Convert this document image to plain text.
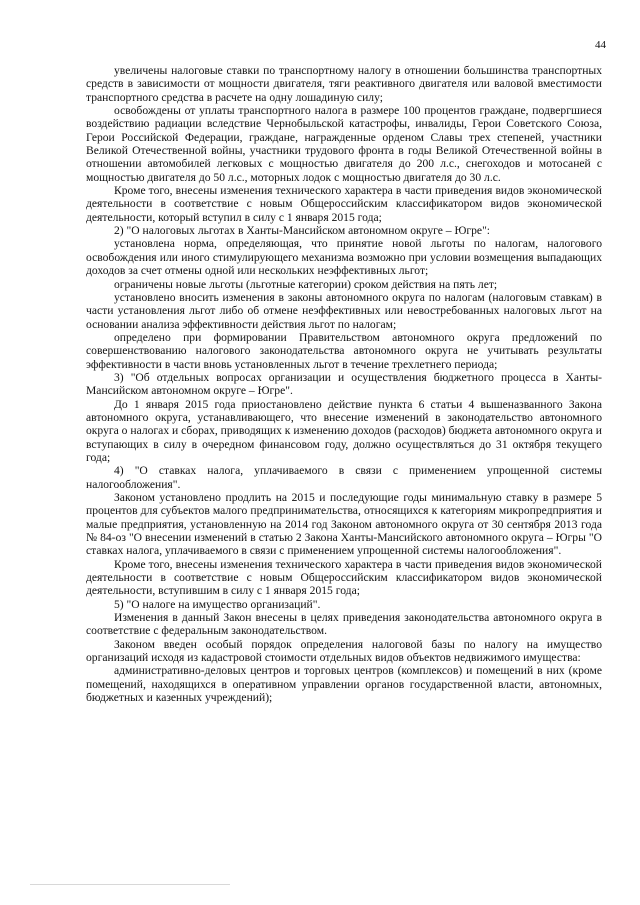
44

увеличены налоговые ставки по транспортному налогу в отношении большинства транспортных средств в зависимости от мощности двигателя, тяги реактивного двигателя или валовой вместимости транспортного средства в расчете на одну лошадиную силу;

освобождены от уплаты транспортного налога в размере 100 процентов граждане, подвергшиеся воздействию радиации вследствие Чернобыльской катастрофы, инвалиды, Герои Советского Союза, Герои Российской Федерации, граждане, награжденные орденом Славы трех степеней, участники Великой Отечественной войны, участники трудового фронта в годы Великой Отечественной войны в отношении автомобилей легковых с мощностью двигателя до 200 л.с., снегоходов и мотосаней с мощностью двигателя до 50 л.с., моторных лодок с мощностью двигателя до 30 л.с.

Кроме того, внесены изменения технического характера в части приведения видов экономической деятельности в соответствие с новым Общероссийским классификатором видов экономической деятельности, который вступил в силу с 1 января 2015 года;

2) "О налоговых льготах в Ханты-Мансийском автономном округе – Югре":

установлена норма, определяющая, что принятие новой льготы по налогам, налогового освобождения или иного стимулирующего механизма возможно при условии возмещения выпадающих доходов за счет отмены одной или нескольких неэффективных льгот;

ограничены новые льготы (льготные категории) сроком действия на пять лет;

установлено вносить изменения в законы автономного округа по налогам (налоговым ставкам) в части установления льгот либо об отмене неэффективных или невостребованных налоговых льгот на основании анализа эффективности действия льгот по налогам;

определено при формировании Правительством автономного округа предложений по совершенствованию налогового законодательства автономного округа не учитывать результаты эффективности в части вновь установленных льгот в течение трехлетнего периода;

3) "Об отдельных вопросах организации и осуществления бюджетного процесса в Ханты-Мансийском автономном округе – Югре".

До 1 января 2015 года приостановлено действие пункта 6 статьи 4 вышеназванного Закона автономного округа, устанавливающего, что внесение изменений в законодательство автономного округа о налогах и сборах, приводящих к изменению доходов (расходов) бюджета автономного округа и вступающих в силу в очередном финансовом году, должно осуществляться до 31 октября текущего года;

4) "О ставках налога, уплачиваемого в связи с применением упрощенной системы налогообложения".

Законом установлено продлить на 2015 и последующие годы минимальную ставку в размере 5 процентов для субъектов малого предпринимательства, относящихся к категориям микропредприятия и малые предприятия, установленную на 2014 год Законом автономного округа от 30 сентября 2013 года № 84-оз "О внесении изменений в статью 2 Закона Ханты-Мансийского автономного округа – Югры "О ставках налога, уплачиваемого в связи с применением упрощенной системы налогообложения".

Кроме того, внесены изменения технического характера в части приведения видов экономической деятельности в соответствие с новым Общероссийским классификатором видов экономической деятельности, вступившим в силу с 1 января 2015 года;

5) "О налоге на имущество организаций".

Изменения в данный Закон внесены в целях приведения законодательства автономного округа в соответствие с федеральным законодательством.

Законом введен особый порядок определения налоговой базы по налогу на имущество организаций исходя из кадастровой стоимости отдельных видов объектов недвижимого имущества:

административно-деловых центров и торговых центров (комплексов) и помещений в них (кроме помещений, находящихся в оперативном управлении органов государственной власти, автономных, бюджетных и казенных учреждений);
